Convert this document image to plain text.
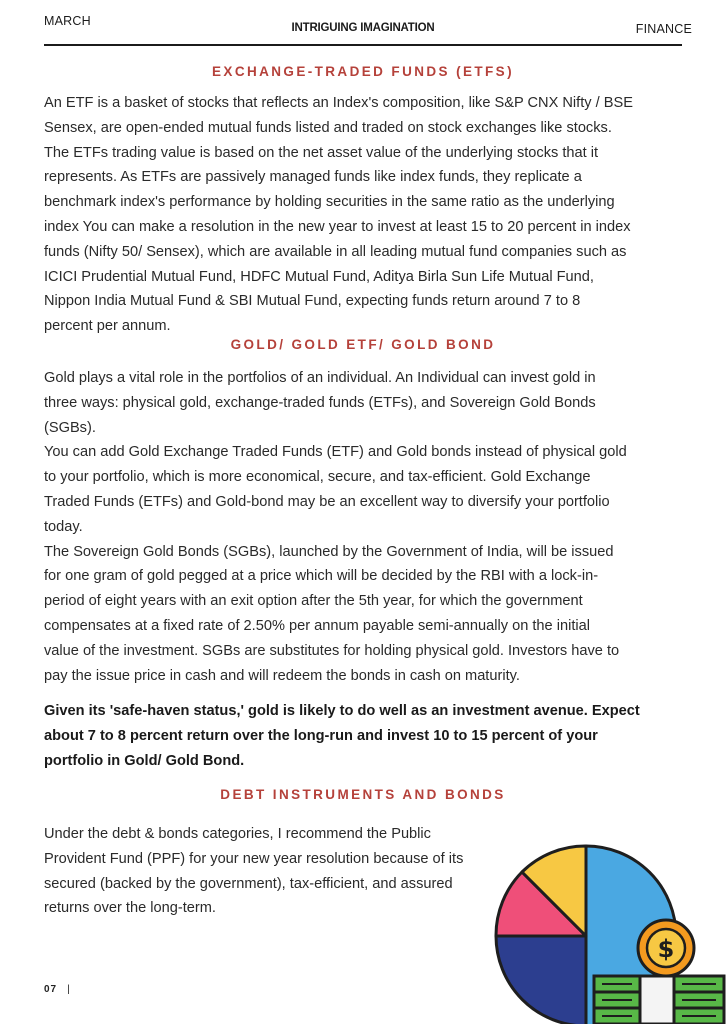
MARCH	INTRIGUING IMAGINATION	FINANCE
EXCHANGE-TRADED FUNDS (ETFS)
An ETF is a basket of stocks that reflects an Index's composition, like S&P CNX Nifty / BSE
Sensex, are open-ended mutual funds listed and traded on stock exchanges like stocks.
The ETFs trading value is based on the net asset value of the underlying stocks that it
represents. As ETFs are passively managed funds like index funds, they replicate a
benchmark index's performance by holding securities in the same ratio as the underlying
index You can make a resolution in the new year to invest at least 15 to 20 percent in index
funds (Nifty 50/ Sensex), which are available in all leading mutual fund companies such as
ICICI Prudential Mutual Fund, HDFC Mutual Fund, Aditya Birla Sun Life Mutual Fund,
Nippon India Mutual Fund & SBI Mutual Fund, expecting funds return around 7 to 8
percent per annum.
GOLD/ GOLD ETF/ GOLD BOND
Gold plays a vital role in the portfolios of an individual. An Individual can invest gold in
three ways: physical gold, exchange-traded funds (ETFs), and Sovereign Gold Bonds
(SGBs).
You can add Gold Exchange Traded Funds (ETF) and Gold bonds instead of physical gold
to your portfolio, which is more economical, secure, and tax-efficient. Gold Exchange
Traded Funds (ETFs) and Gold-bond may be an excellent way to diversify your portfolio
today.
The Sovereign Gold Bonds (SGBs), launched by the Government of India, will be issued
for one gram of gold pegged at a price which will be decided by the RBI with a lock-in-
period of eight years with an exit option after the 5th year, for which the government
compensates at a fixed rate of 2.50% per annum payable semi-annually on the initial
value of the investment. SGBs are substitutes for holding physical gold. Investors have to
pay the issue price in cash and will redeem the bonds in cash on maturity.
Given its 'safe-haven status,' gold is likely to do well as an investment avenue. Expect
about 7 to 8 percent return over the long-run and invest 10 to 15 percent of your
portfolio in Gold/ Gold Bond.
DEBT INSTRUMENTS AND BONDS
Under the debt & bonds categories, I recommend the Public
Provident Fund (PPF) for your new year resolution because of its
secured (backed by the government), tax-efficient, and assured
returns over the long-term.
07 |
$
